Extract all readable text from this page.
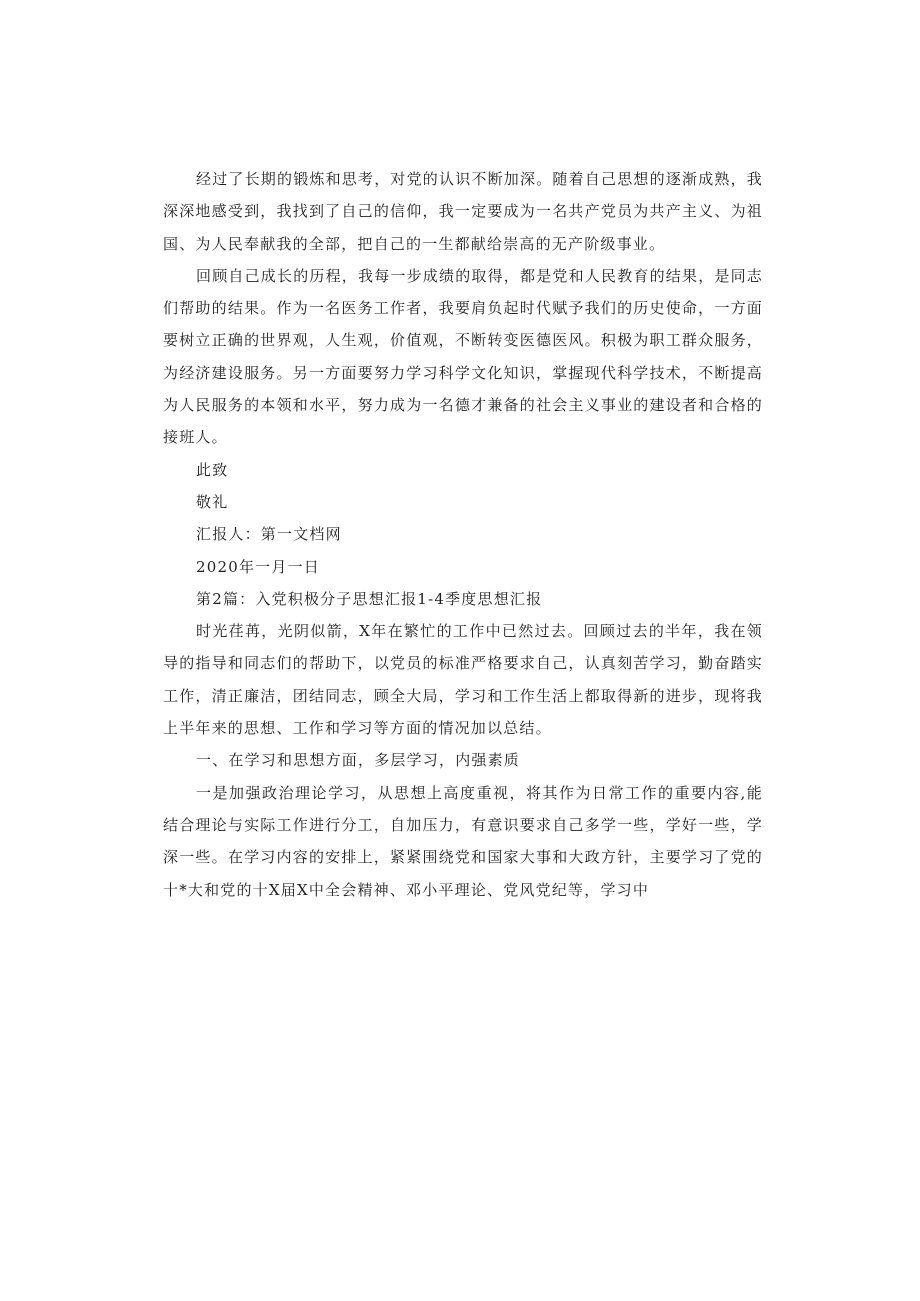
经过了长期的锻炼和思考，对党的认识不断加深。随着自己思想的逐渐成熟，我深深地感受到，我找到了自己的信仰，我一定要成为一名共产党员为共产主义、为祖国、为人民奉献我的全部，把自己的一生都献给崇高的无产阶级事业。

回顾自己成长的历程，我每一步成绩的取得，都是党和人民教育的结果，是同志们帮助的结果。作为一名医务工作者，我要肩负起时代赋予我们的历史使命，一方面要树立正确的世界观，人生观，价值观，不断转变医德医风。积极为职工群众服务，为经济建设服务。另一方面要努力学习科学文化知识，掌握现代科学技术，不断提高为人民服务的本领和水平，努力成为一名德才兼备的社会主义事业的建设者和合格的接班人。

此致

敬礼

汇报人：第一文档网

2020年一月一日

第2篇：入党积极分子思想汇报1-4季度思想汇报

时光荏苒，光阴似箭，X年在繁忙的工作中已然过去。回顾过去的半年，我在领导的指导和同志们的帮助下，以党员的标准严格要求自己，认真刻苦学习，勤奋踏实工作，清正廉洁，团结同志，顾全大局，学习和工作生活上都取得新的进步，现将我上半年来的思想、工作和学习等方面的情况加以总结。

一、在学习和思想方面，多层学习，内强素质

一是加强政治理论学习，从思想上高度重视，将其作为日常工作的重要内容,能结合理论与实际工作进行分工，自加压力，有意识要求自己多学一些，学好一些，学深一些。在学习内容的安排上，紧紧围绕党和国家大事和大政方针，主要学习了党的十*大和党的十X届X中全会精神、邓小平理论、党风党纪等，学习中
